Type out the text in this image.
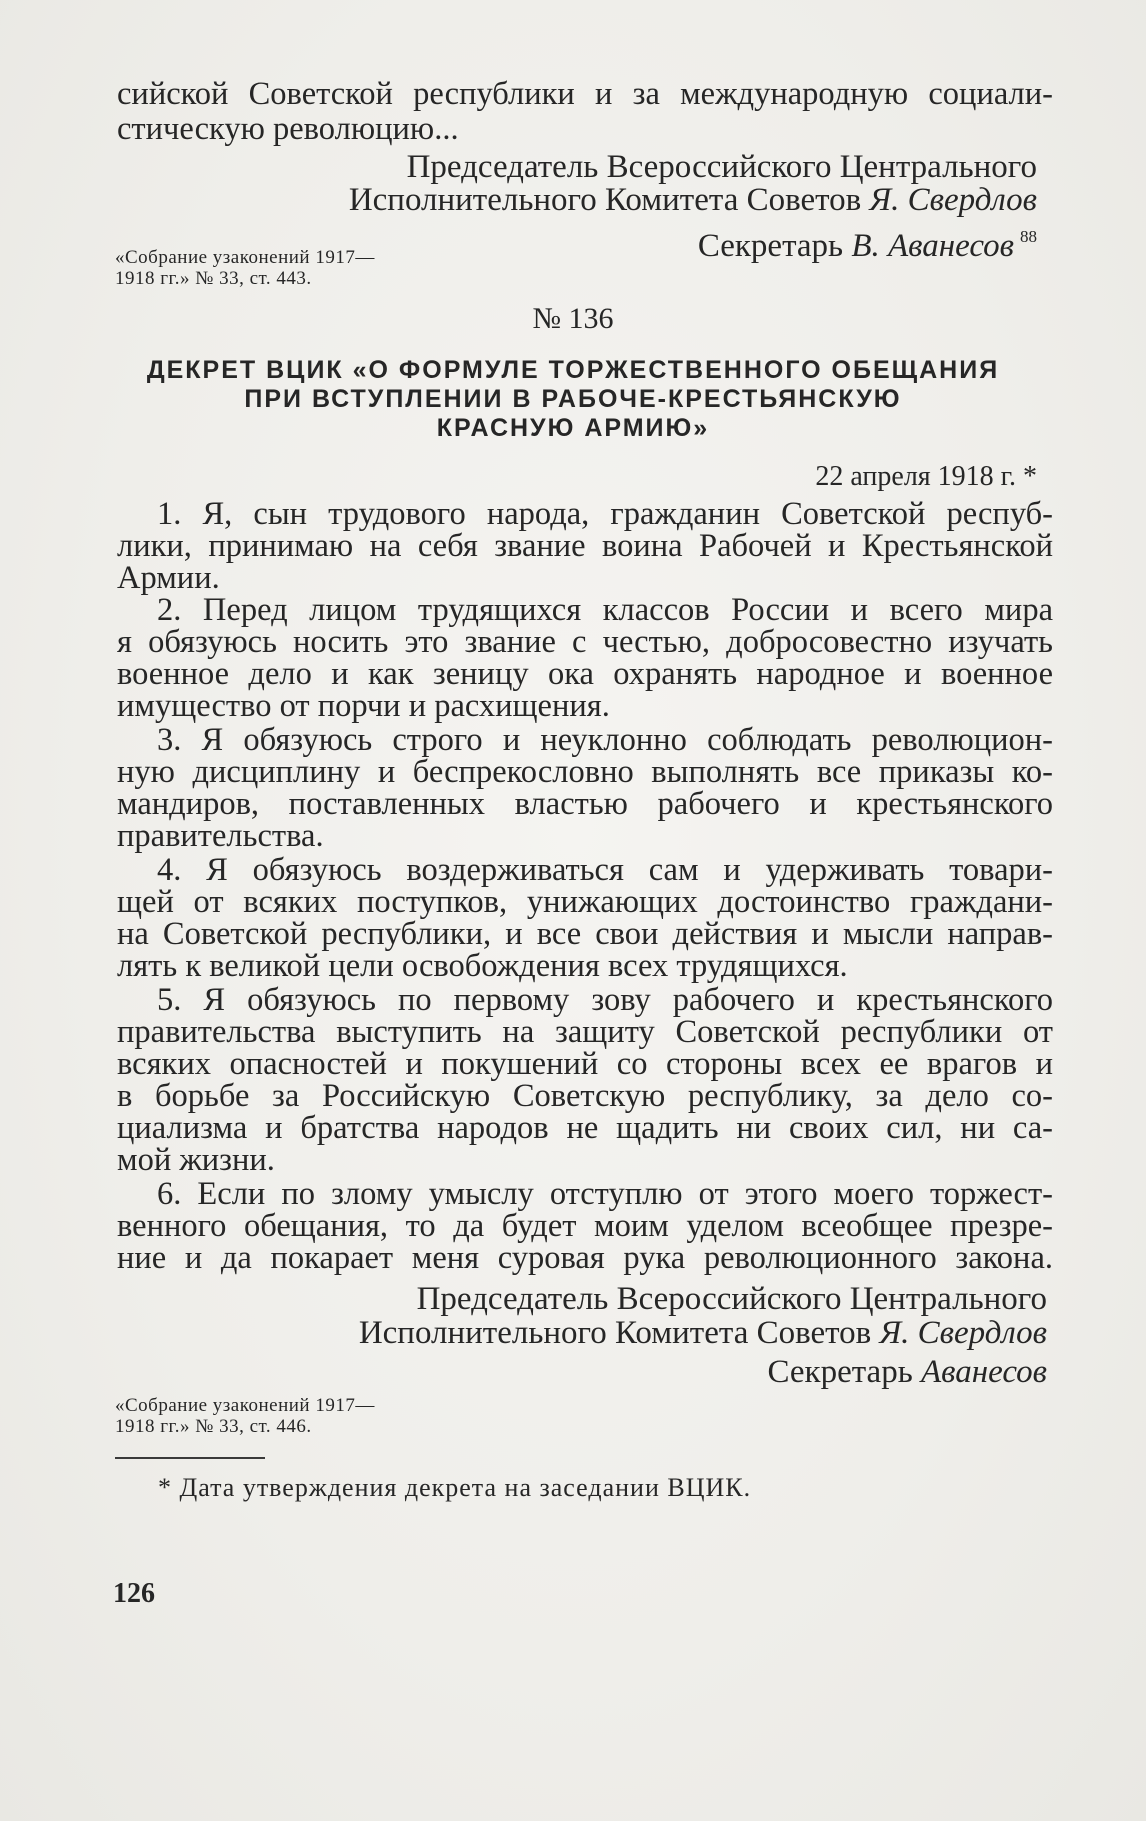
сийской Советской республики и за международную социали-
стическую революцию...
Председатель Всероссийского Центрального
Исполнительного Комитета Советов Я. Свердлов
Секретарь В. Аванесов $^{88}$
«Собрание узаконений 1917—
1918 гг.» № 33, ст. 443.
№ 136
ДЕКРЕТ ВЦИК «О ФОРМУЛЕ ТОРЖЕСТВЕННОГО ОБЕЩАНИЯ
ПРИ ВСТУПЛЕНИИ В РАБОЧЕ-КРЕСТЬЯНСКУЮ
КРАСНУЮ АРМИЮ»
22 апреля 1918 г. *
1. Я, сын трудового народа, гражданин Советской респуб-
лики, принимаю на себя звание воина Рабочей и Крестьянской
Армии.
2. Перед лицом трудящихся классов России и всего мира
я обязуюсь носить это звание с честью, добросовестно изучать
военное дело и как зеницу ока охранять народное и военное
имущество от порчи и расхищения.
3. Я обязуюсь строго и неуклонно соблюдать революцион-
ную дисциплину и беспрекословно выполнять все приказы ко-
мандиров, поставленных властью рабочего и крестьянского
правительства.
4. Я обязуюсь воздерживаться сам и удерживать товари-
щей от всяких поступков, унижающих достоинство граждани-
на Советской республики, и все свои действия и мысли направ-
лять к великой цели освобождения всех трудящихся.
5. Я обязуюсь по первому зову рабочего и крестьянского
правительства выступить на защиту Советской республики от
всяких опасностей и покушений со стороны всех ее врагов и
в борьбе за Российскую Советскую республику, за дело со-
циализма и братства народов не щадить ни своих сил, ни са-
мой жизни.
6. Если по злому умыслу отступлю от этого моего торжест-
венного обещания, то да будет моим уделом всеобщее презре-
ние и да покарает меня суровая рука революционного закона.
Председатель Всероссийского Центрального
Исполнительного Комитета Советов Я. Свердлов
Секретарь Аванесов
«Собрание узаконений 1917—
1918 гг.» № 33, ст. 446.
* Дата утверждения декрета на заседании ВЦИК.
126
